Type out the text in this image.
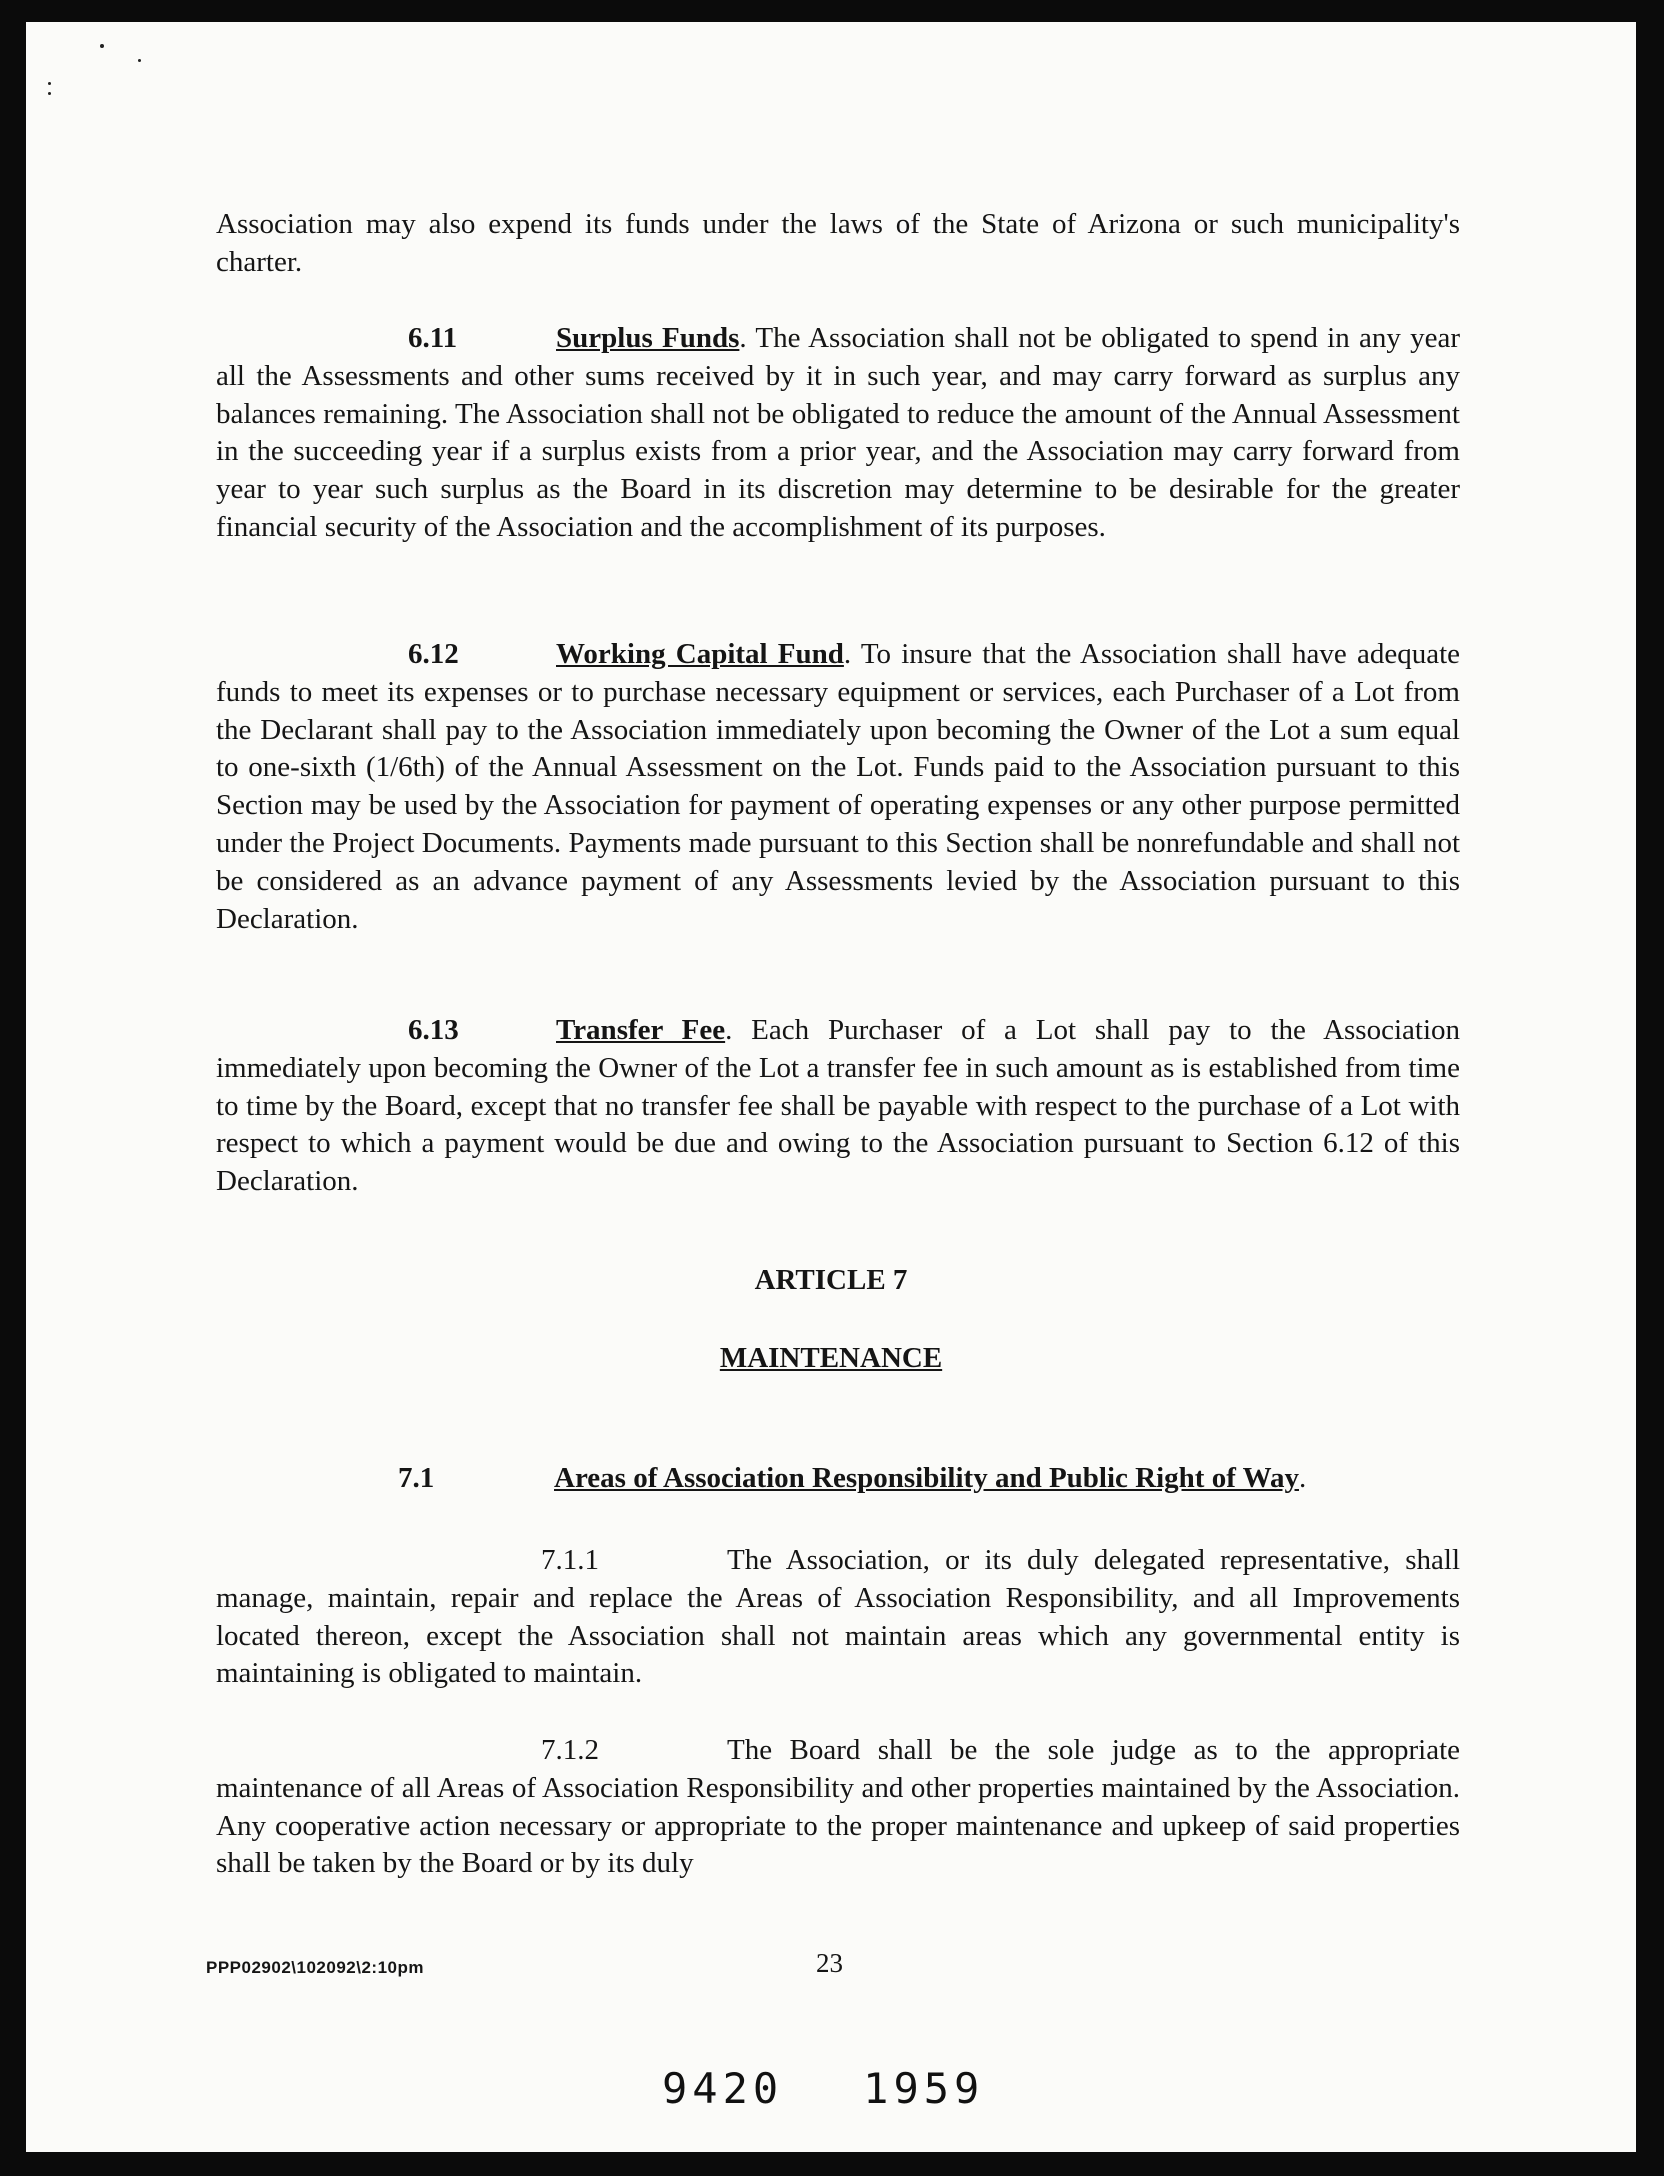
Association may also expend its funds under the laws of the State of Arizona or such municipality's charter.

6.11	Surplus Funds. The Association shall not be obligated to spend in any year all the Assessments and other sums received by it in such year, and may carry forward as surplus any balances remaining. The Association shall not be obligated to reduce the amount of the Annual Assessment in the succeeding year if a surplus exists from a prior year, and the Association may carry forward from year to year such surplus as the Board in its discretion may determine to be desirable for the greater financial security of the Association and the accomplishment of its purposes.

6.12	Working Capital Fund. To insure that the Association shall have adequate funds to meet its expenses or to purchase necessary equipment or services, each Purchaser of a Lot from the Declarant shall pay to the Association immediately upon becoming the Owner of the Lot a sum equal to one-sixth (1/6th) of the Annual Assessment on the Lot. Funds paid to the Association pursuant to this Section may be used by the Association for payment of operating expenses or any other purpose permitted under the Project Documents. Payments made pursuant to this Section shall be nonrefundable and shall not be considered as an advance payment of any Assessments levied by the Association pursuant to this Declaration.

6.13	Transfer Fee. Each Purchaser of a Lot shall pay to the Association immediately upon becoming the Owner of the Lot a transfer fee in such amount as is established from time to time by the Board, except that no transfer fee shall be payable with respect to the purchase of a Lot with respect to which a payment would be due and owing to the Association pursuant to Section 6.12 of this Declaration.

ARTICLE 7

MAINTENANCE

7.1	Areas of Association Responsibility and Public Right of Way.

7.1.1	The Association, or its duly delegated representative, shall manage, maintain, repair and replace the Areas of Association Responsibility, and all Improvements located thereon, except the Association shall not maintain areas which any governmental entity is maintaining is obligated to maintain.

7.1.2	The Board shall be the sole judge as to the appropriate maintenance of all Areas of Association Responsibility and other properties maintained by the Association. Any cooperative action necessary or appropriate to the proper maintenance and upkeep of said properties shall be taken by the Board or by its duly

PPP02902\102092\2:10pm	23
9420 1959
